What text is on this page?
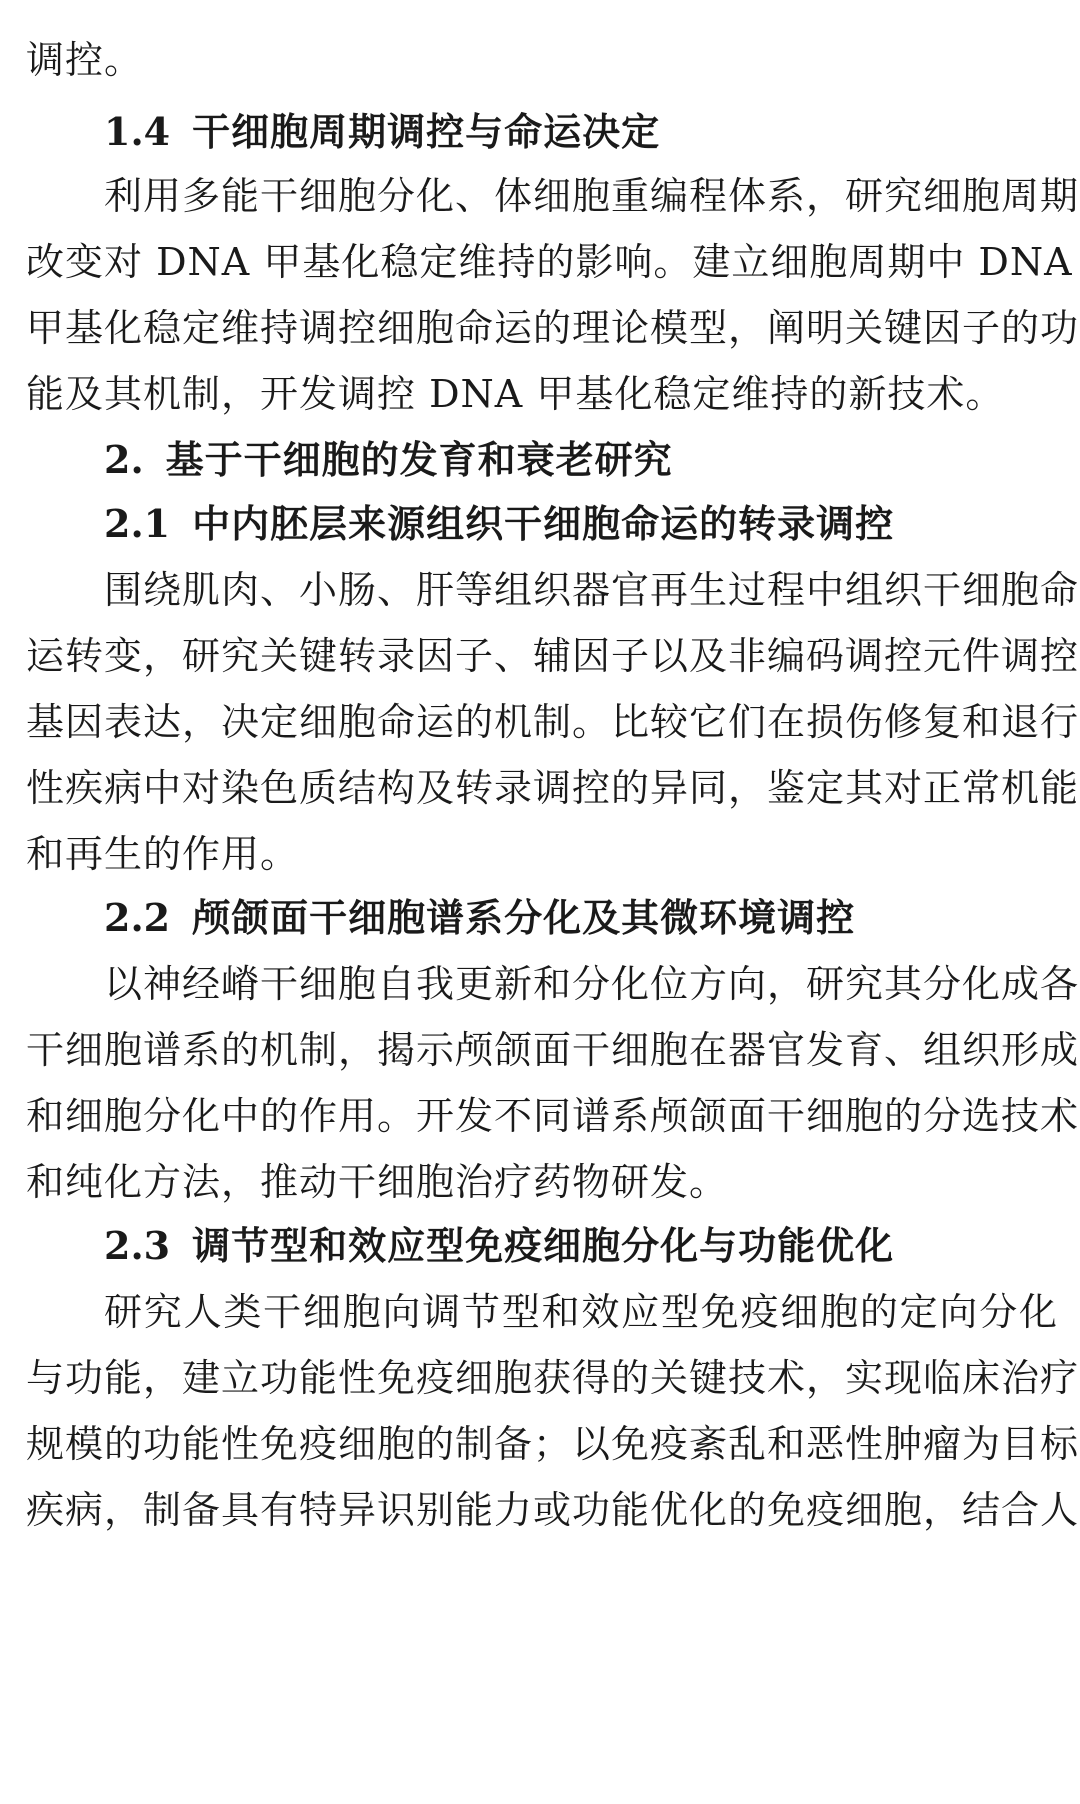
调控。
1.4 干细胞周期调控与命运决定
利用多能干细胞分化、体细胞重编程体系，研究细胞周期
改变对 DNA 甲基化稳定维持的影响。建立细胞周期中 DNA
甲基化稳定维持调控细胞命运的理论模型，阐明关键因子的功
能及其机制，开发调控 DNA 甲基化稳定维持的新技术。
2. 基于干细胞的发育和衰老研究
2.1 中内胚层来源组织干细胞命运的转录调控
围绕肌肉、小肠、肝等组织器官再生过程中组织干细胞命
运转变，研究关键转录因子、辅因子以及非编码调控元件调控
基因表达，决定细胞命运的机制。比较它们在损伤修复和退行
性疾病中对染色质结构及转录调控的异同，鉴定其对正常机能
和再生的作用。
2.2 颅颌面干细胞谱系分化及其微环境调控
以神经嵴干细胞自我更新和分化位方向，研究其分化成各
干细胞谱系的机制，揭示颅颌面干细胞在器官发育、组织形成
和细胞分化中的作用。开发不同谱系颅颌面干细胞的分选技术
和纯化方法，推动干细胞治疗药物研发。
2.3 调节型和效应型免疫细胞分化与功能优化
研究人类干细胞向调节型和效应型免疫细胞的定向分化
与功能，建立功能性免疫细胞获得的关键技术，实现临床治疗
规模的功能性免疫细胞的制备；以免疫紊乱和恶性肿瘤为目标
疾病，制备具有特异识别能力或功能优化的免疫细胞，结合人
